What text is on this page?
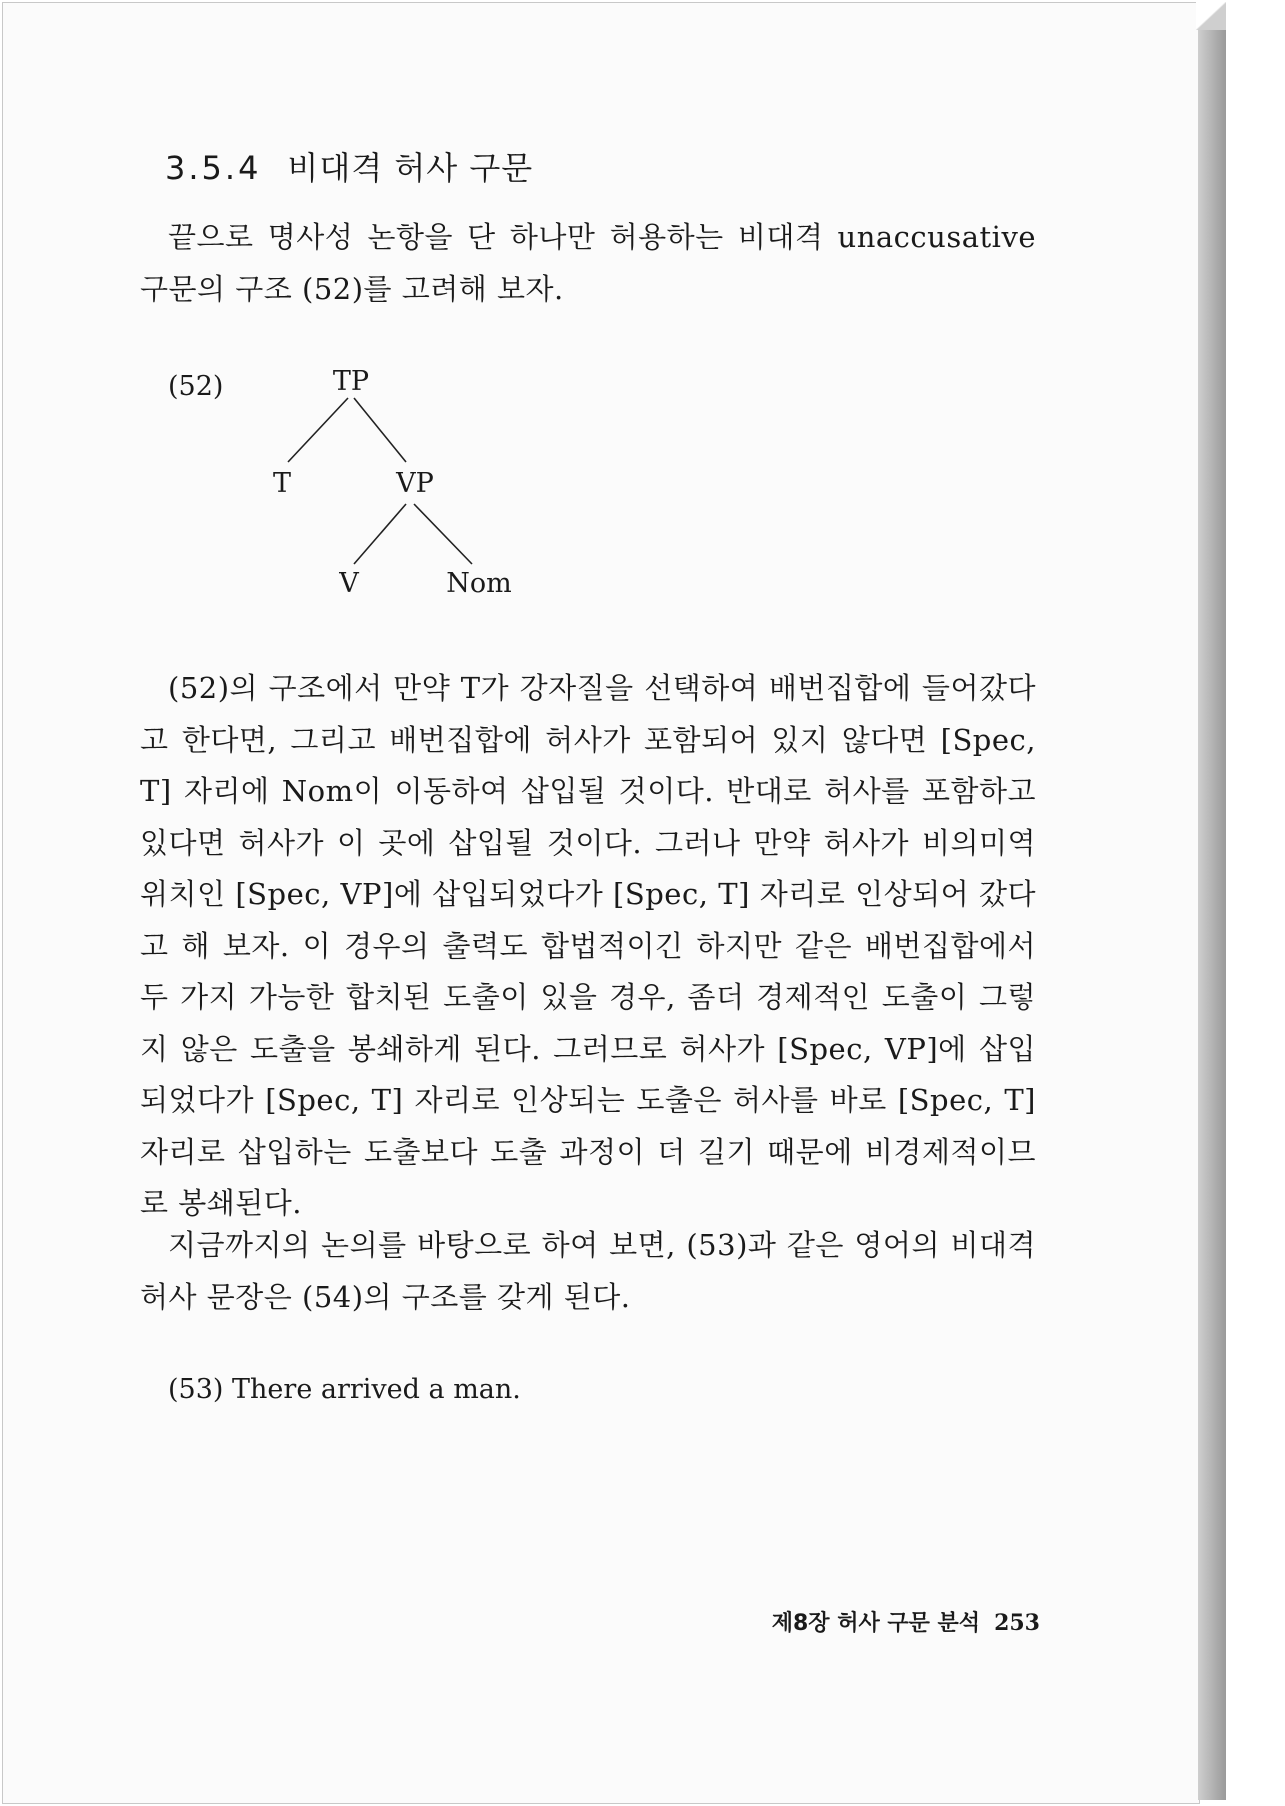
3.5.4 비대격 허사 구문

끝으로 명사성 논항을 단 하나만 허용하는 비대격 unaccusative 구문의 구조 (52)를 고려해 보자.

(52)	TP
T	VP
V	Nom

(52)의 구조에서 만약 T가 강자질을 선택하여 배번집합에 들어갔다고 한다면, 그리고 배번집합에 허사가 포함되어 있지 않다면 [Spec, T] 자리에 Nom이 이동하여 삽입될 것이다. 반대로 허사를 포함하고 있다면 허사가 이 곳에 삽입될 것이다. 그러나 만약 허사가 비의미역 위치인 [Spec, VP]에 삽입되었다가 [Spec, T] 자리로 인상되어 갔다고 해 보자. 이 경우의 출력도 합법적이긴 하지만 같은 배번집합에서 두 가지 가능한 합치된 도출이 있을 경우, 좀더 경제적인 도출이 그렇지 않은 도출을 봉쇄하게 된다. 그러므로 허사가 [Spec, VP]에 삽입되었다가 [Spec, T] 자리로 인상되는 도출은 허사를 바로 [Spec, T] 자리로 삽입하는 도출보다 도출 과정이 더 길기 때문에 비경제적이므로 봉쇄된다.

지금까지의 논의를 바탕으로 하여 보면, (53)과 같은 영어의 비대격 허사 문장은 (54)의 구조를 갖게 된다.

(53) There arrived a man.
제8장 허사 구문 분석 253
